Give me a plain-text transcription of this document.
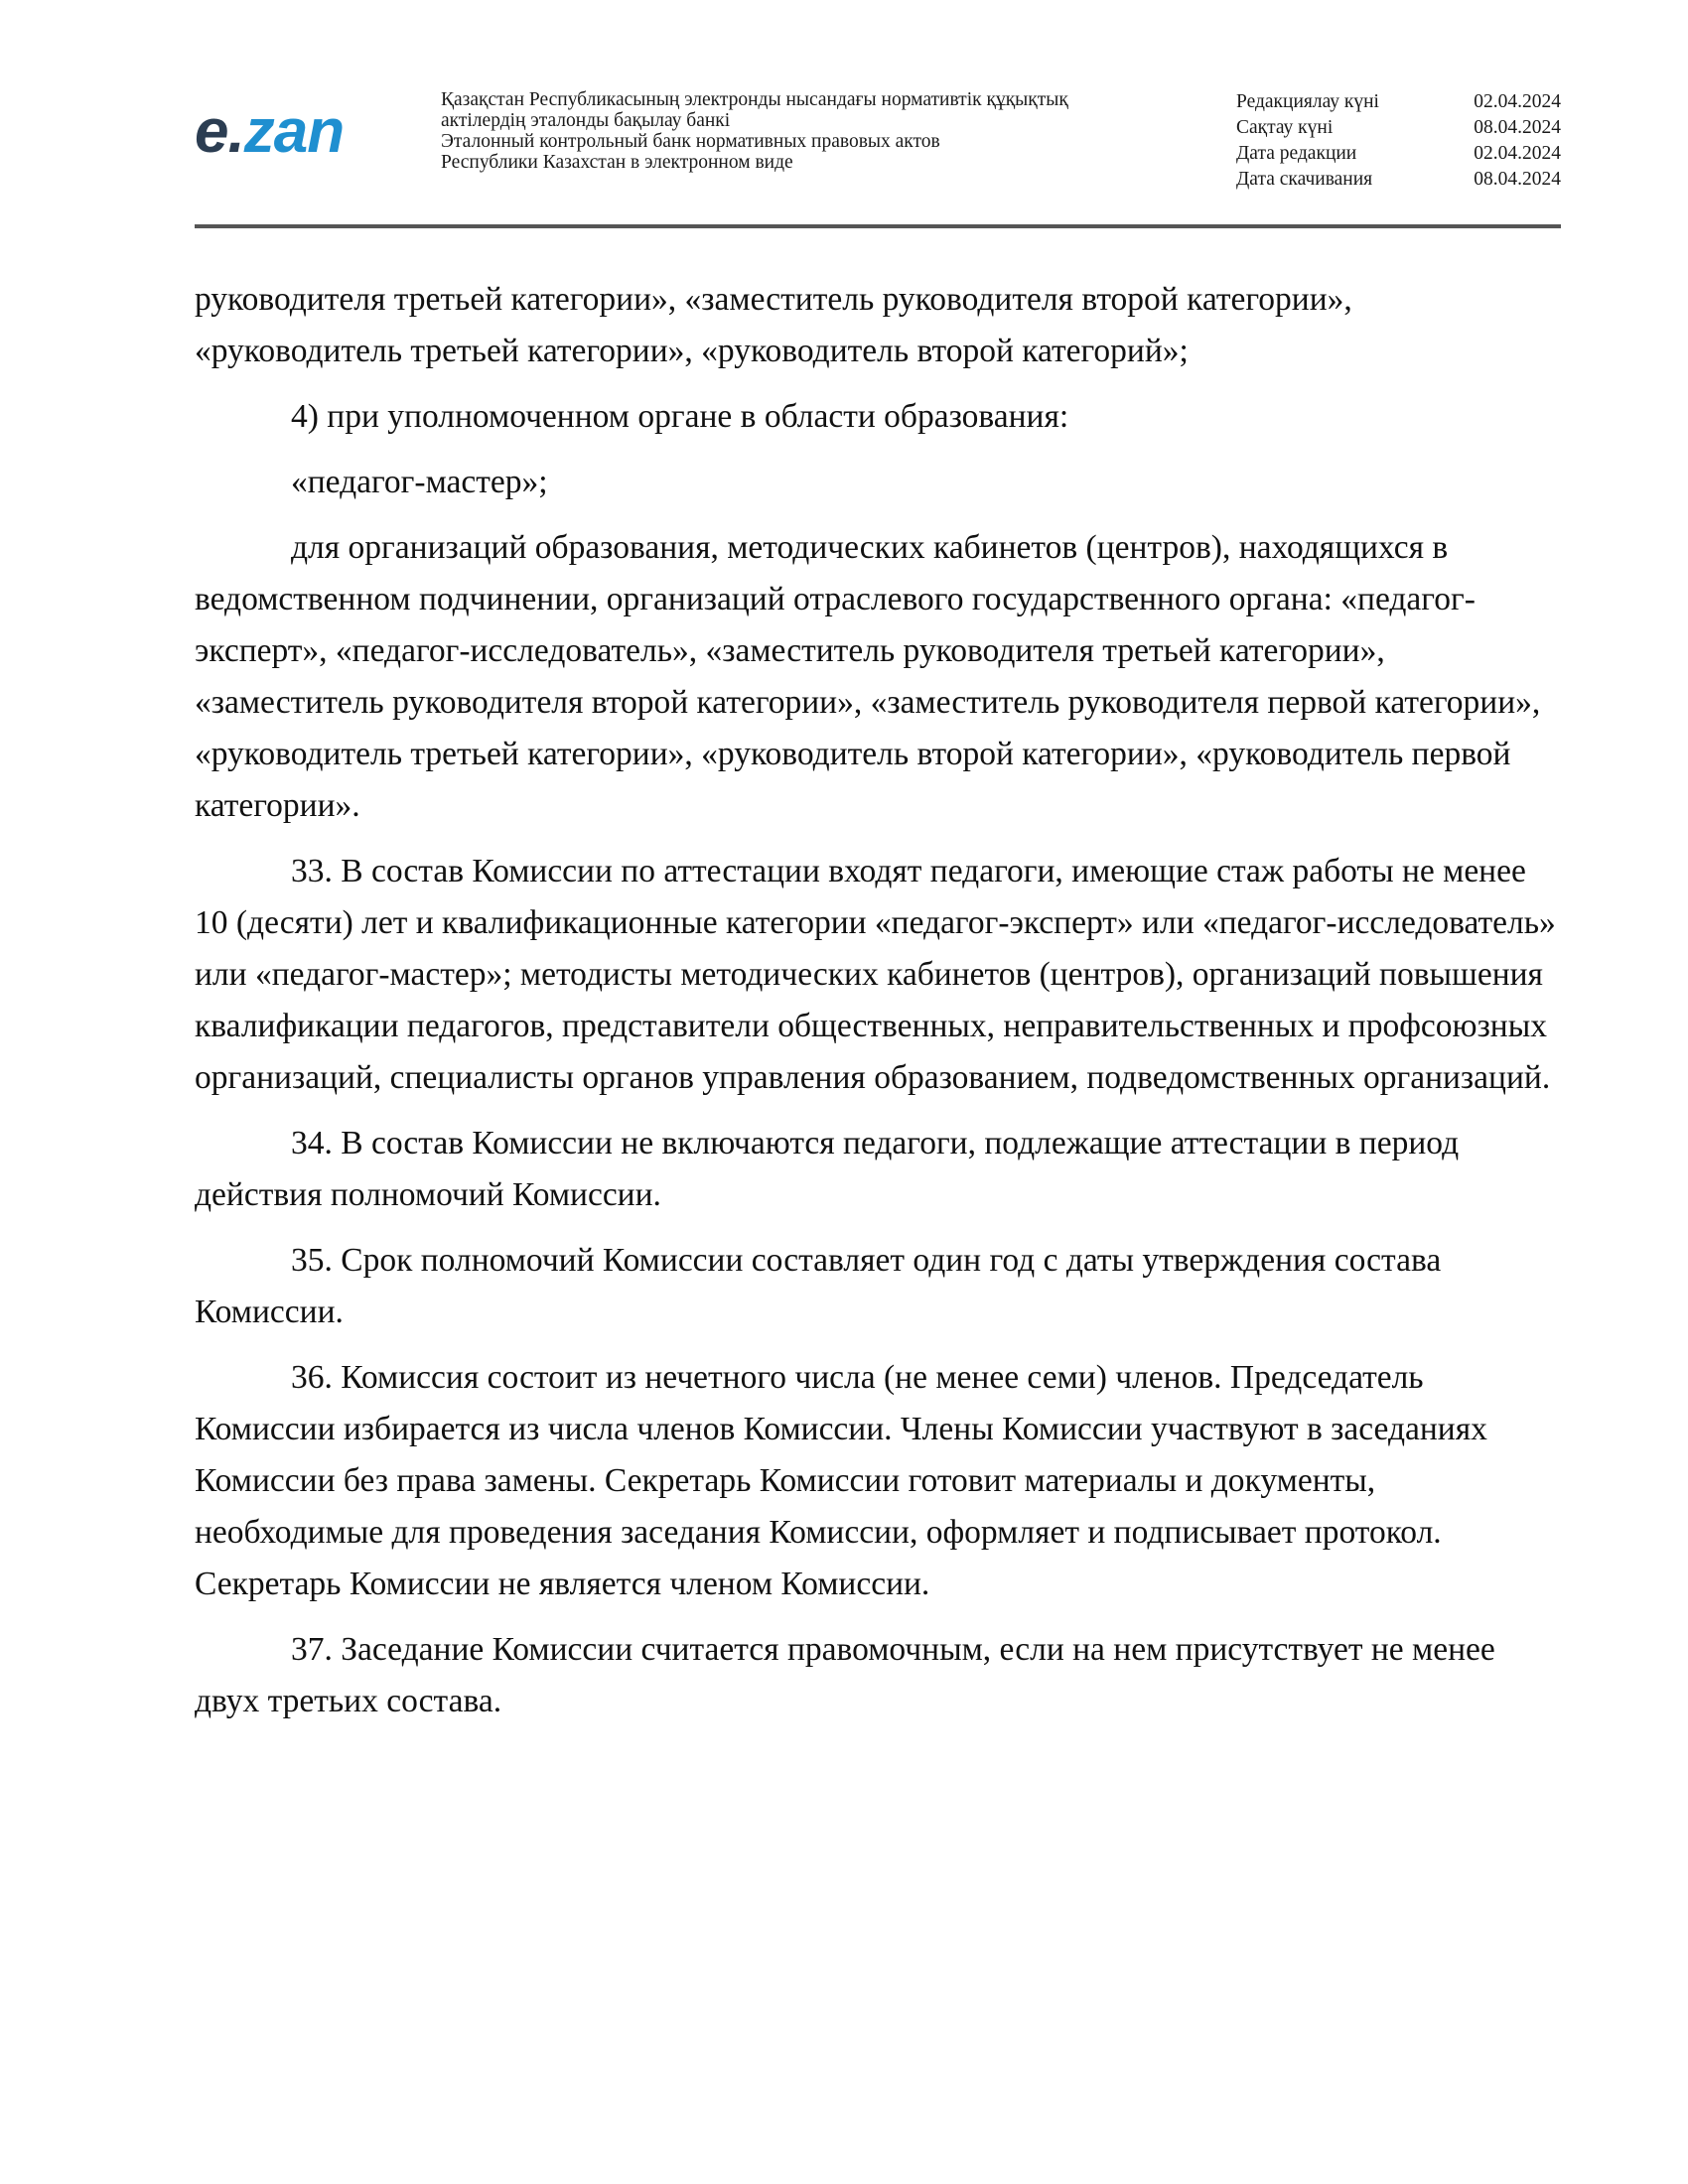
e.zan	Қазақстан Республикасының электронды нысандағы нормативтік құқықтық
актілердің эталонды бақылау банкі
Эталонный контрольный банк нормативных правовых актов
Республики Казахстан в электронном виде
Редакциялау күні	02.04.2024
Сақтау күні	08.04.2024
Дата редакции	02.04.2024
Дата скачивания	08.04.2024

руководителя третьей категории», «заместитель руководителя второй категории», «руководитель третьей категории», «руководитель второй категорий»;

4) при уполномоченном органе в области образования:

«педагог-мастер»;

для организаций образования, методических кабинетов (центров), находящихся в ведомственном подчинении, организаций отраслевого государственного органа: «педагог-эксперт», «педагог-исследователь», «заместитель руководителя третьей категории», «заместитель руководителя второй категории», «заместитель руководителя первой категории», «руководитель третьей категории», «руководитель второй категории», «руководитель первой категории».

33. В состав Комиссии по аттестации входят педагоги, имеющие стаж работы не менее 10 (десяти) лет и квалификационные категории «педагог-эксперт» или «педагог-исследователь» или «педагог-мастер»; методисты методических кабинетов (центров), организаций повышения квалификации педагогов, представители общественных, неправительственных и профсоюзных организаций, специалисты органов управления образованием, подведомственных организаций.

34. В состав Комиссии не включаются педагоги, подлежащие аттестации в период действия полномочий Комиссии.

35. Срок полномочий Комиссии составляет один год с даты утверждения состава Комиссии.

36. Комиссия состоит из нечетного числа (не менее семи) членов. Председатель Комиссии избирается из числа членов Комиссии. Члены Комиссии участвуют в заседаниях Комиссии без права замены. Секретарь Комиссии готовит материалы и документы, необходимые для проведения заседания Комиссии, оформляет и подписывает протокол. Секретарь Комиссии не является членом Комиссии.

37. Заседание Комиссии считается правомочным, если на нем присутствует не менее двух третьих состава.
